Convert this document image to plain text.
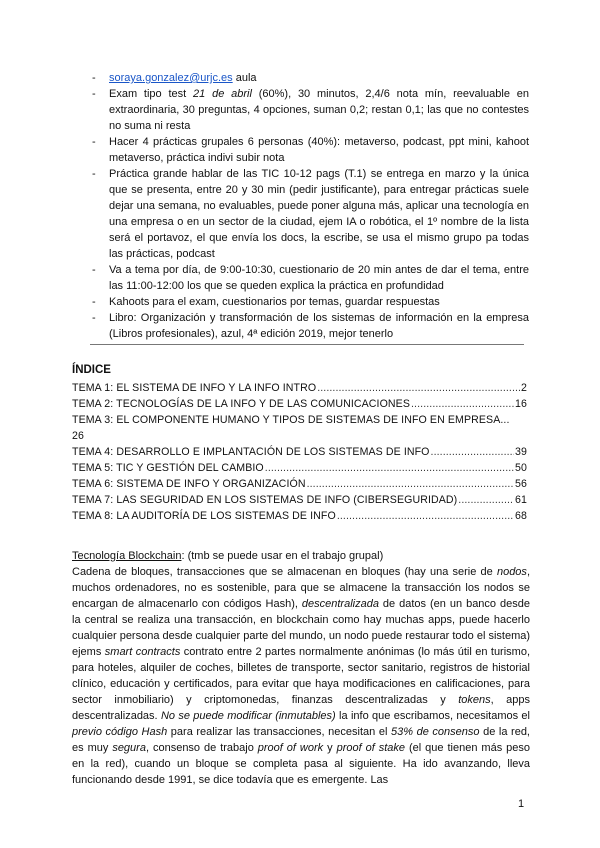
- soraya.gonzalez@urjc.es aula
- Exam tipo test 21 de abril (60%), 30 minutos, 2,4/6 nota mín, reevaluable en extraordinaria, 30 preguntas, 4 opciones, suman 0,2; restan 0,1; las que no contestes no suma ni resta
- Hacer 4 prácticas grupales 6 personas (40%): metaverso, podcast, ppt mini, kahoot metaverso, práctica indivi subir nota
- Práctica grande hablar de las TIC 10-12 pags (T.1) se entrega en marzo y la única que se presenta, entre 20 y 30 min (pedir justificante), para entregar prácticas suele dejar una semana, no evaluables, puede poner alguna más, aplicar una tecnología en una empresa o en un sector de la ciudad, ejem IA o robótica, el 1º nombre de la lista será el portavoz, el que envía los docs, la escribe, se usa el mismo grupo pa todas las prácticas, podcast
- Va a tema por día, de 9:00-10:30, cuestionario de 20 min antes de dar el tema, entre las 11:00-12:00 los que se queden explica la práctica en profundidad
- Kahoots para el exam, cuestionarios por temas, guardar respuestas
- Libro: Organización y transformación de los sistemas de información en la empresa (Libros profesionales), azul, 4ª edición 2019, mejor tenerlo
ÍNDICE
TEMA 1: EL SISTEMA DE INFO Y LA INFO INTRO .....	2
TEMA 2: TECNOLOGÍAS DE LA INFO Y DE LAS COMUNICACIONES .....	16
TEMA 3: EL COMPONENTE HUMANO Y TIPOS DE SISTEMAS DE INFO EN EMPRESA...
26
TEMA 4: DESARROLLO E IMPLANTACIÓN DE LOS SISTEMAS DE INFO .....	39
TEMA 5: TIC Y GESTIÓN DEL CAMBIO .....	50
TEMA 6: SISTEMA DE INFO Y ORGANIZACIÓN .....	56
TEMA 7: LAS SEGURIDAD EN LOS SISTEMAS DE INFO (CIBERSEGURIDAD) .....	61
TEMA 8: LA AUDITORÍA DE LOS SISTEMAS DE INFO .....	68
Tecnología Blockchain: (tmb se puede usar en el trabajo grupal)

Cadena de bloques, transacciones que se almacenan en bloques (hay una serie de nodos, muchos ordenadores, no es sostenible, para que se almacene la transacción los nodos se encargan de almacenarlo con códigos Hash), descentralizada de datos (en un banco desde la central se realiza una transacción, en blockchain como hay muchas apps, puede hacerlo cualquier persona desde cualquier parte del mundo, un nodo puede restaurar todo el sistema) ejems smart contracts contrato entre 2 partes normalmente anónimas (lo más útil en turismo, para hoteles, alquiler de coches, billetes de transporte, sector sanitario, registros de historial clínico, educación y certificados, para evitar que haya modificaciones en calificaciones, para sector inmobiliario) y criptomonedas, finanzas descentralizadas y tokens, apps descentralizadas. No se puede modificar (inmutables) la info que escribamos, necesitamos el previo código Hash para realizar las transacciones, necesitan el 53% de consenso de la red, es muy segura, consenso de trabajo proof of work y proof of stake (el que tienen más peso en la red), cuando un bloque se completa pasa al siguiente. Ha ido avanzando, lleva funcionando desde 1991, se dice todavía que es emergente. Las

1
